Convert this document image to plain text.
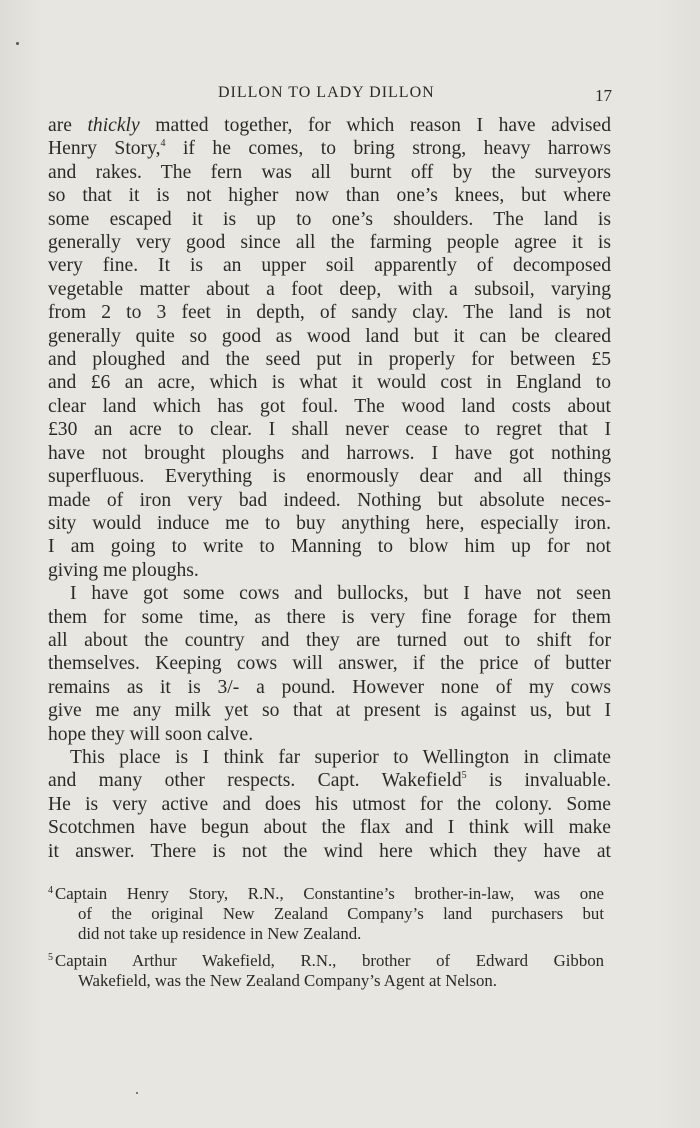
DILLON TO LADY DILLON	17

are thickly matted together, for which reason I have advised
Henry Story,$^4$ if he comes, to bring strong, heavy harrows
and rakes. The fern was all burnt off by the surveyors
so that it is not higher now than one’s knees, but where
some escaped it is up to one’s shoulders. The land is
generally very good since all the farming people agree it is
very fine. It is an upper soil apparently of decomposed
vegetable matter about a foot deep, with a subsoil, varying
from 2 to 3 feet in depth, of sandy clay. The land is not
generally quite so good as wood land but it can be cleared
and ploughed and the seed put in properly for between £5
and £6 an acre, which is what it would cost in England to
clear land which has got foul. The wood land costs about
£30 an acre to clear. I shall never cease to regret that I
have not brought ploughs and harrows. I have got nothing
superfluous. Everything is enormously dear and all things
made of iron very bad indeed. Nothing but absolute neces-
sity would induce me to buy anything here, especially iron.
I am going to write to Manning to blow him up for not
giving me ploughs.

I have got some cows and bullocks, but I have not seen
them for some time, as there is very fine forage for them
all about the country and they are turned out to shift for
themselves. Keeping cows will answer, if the price of butter
remains as it is 3/- a pound. However none of my cows
give me any milk yet so that at present is against us, but I
hope they will soon calve.

This place is I think far superior to Wellington in climate
and many other respects. Capt. Wakefield$^5$ is invaluable.
He is very active and does his utmost for the colony. Some
Scotchmen have begun about the flax and I think will make
it answer. There is not the wind here which they have at

$^4$ Captain Henry Story, R.N., Constantine’s brother-in-law, was one
of the original New Zealand Company’s land purchasers but
did not take up residence in New Zealand.
$^5$ Captain Arthur Wakefield, R.N., brother of Edward Gibbon
Wakefield, was the New Zealand Company’s Agent at Nelson.
